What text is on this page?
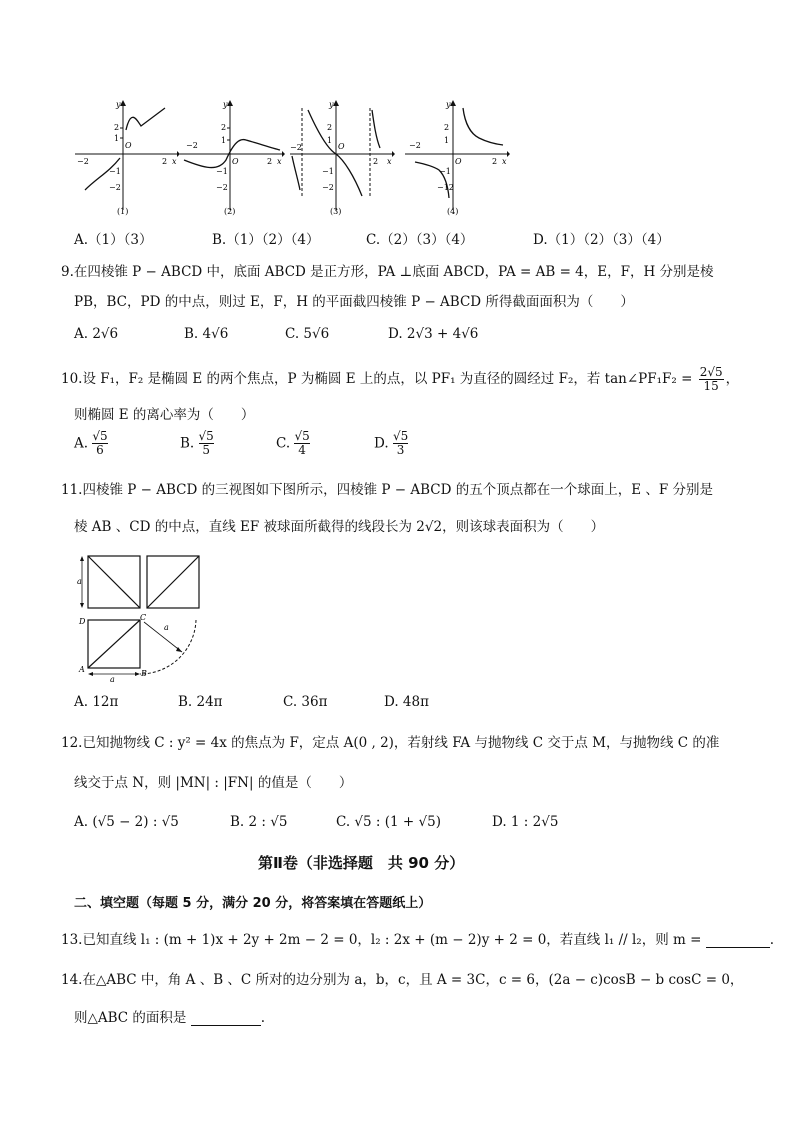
y
x
O
2
−2
2
1
−1
−2
(1)
y
x
O	2
−2
2
1
−1
−2
(2)
y
x
O
2
−2
2
1
−1
−2
(3)
y
x
O	2
−2
2
1
−1
−12
(4)
A.（1）（3）	B.（1）（2）（4）	C.（2）（3）（4）	D.（1）（2）（3）（4）
9.在四棱锥 P − ABCD 中，底面 ABCD 是正方形，PA ⊥底面 ABCD，PA = AB = 4，E，F，H 分别是棱
PB，BC，PD 的中点，则过 E，F，H 的平面截四棱锥 P − ABCD 所得截面面积为（　　）
A. 2√6	B. 4√6	C. 5√6	D. 2√3 + 4√6
10.设 F₁，F₂ 是椭圆 E 的两个焦点，P 为椭圆 E 上的点，以 PF₁ 为直径的圆经过 F₂，若 tan∠PF₁F₂ = $\frac{2√5}{15}$ ，
则椭圆 E 的离心率为（　　）
A. $\frac{√5}{6}$	B. $\frac{√5}{5}$	C. $\frac{√5}{4}$	D. $\frac{√5}{3}$
11.四棱锥 P − ABCD 的三视图如下图所示，四棱锥 P − ABCD 的五个顶点都在一个球面上，E 、F 分别是
棱 AB 、CD 的中点，直线 EF 被球面所截得的线段长为 2√2，则该球表面积为（　　）
a
D	C
A	B
a
a
A. 12π	B. 24π	C. 36π	D. 48π
12.已知抛物线 C : y² = 4x 的焦点为 F，定点 A(0 , 2)，若射线 FA 与抛物线 C 交于点 M，与抛物线 C 的准
线交于点 N，则 |MN| : |FN| 的值是（　　）
A. (√5 − 2) : √5	B. 2 : √5	C. √5 : (1 + √5)	D. 1 : 2√5
第Ⅱ卷（非选择题　共 90 分）
二、填空题（每题 5 分，满分 20 分，将答案填在答题纸上）
13.已知直线 l₁ : (m + 1)x + 2y + 2m − 2 = 0，l₂ : 2x + (m − 2)y + 2 = 0，若直线 l₁ // l₂，则 m =	.
14.在△ABC 中，角 A 、B 、C 所对的边分别为 a，b，c，且 A = 3C，c = 6，(2a − c)cosB − b cosC = 0，
则△ABC 的面积是	.
